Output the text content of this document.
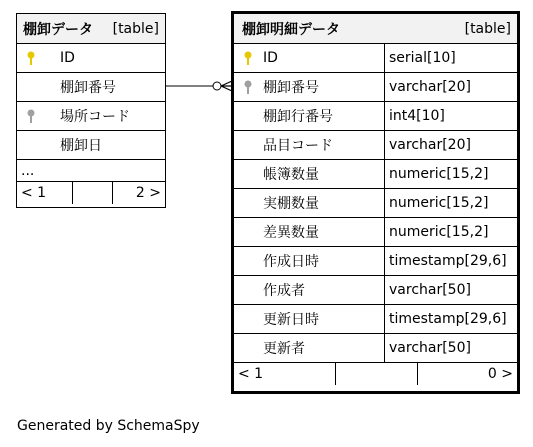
棚卸データ [table]
ID
棚卸番号
場所コード
棚卸日
...
< 1	2 >
棚卸明細データ	[table]
ID	serial[10]
棚卸番号	varchar[20]
棚卸行番号	int4[10]
品目コード	varchar[20]
帳簿数量	numeric[15,2]
実棚数量	numeric[15,2]
差異数量	numeric[15,2]
作成日時	timestamp[29,6]
作成者	varchar[50]
更新日時	timestamp[29,6]
更新者	varchar[50]
< 1	0 >
Generated by SchemaSpy
